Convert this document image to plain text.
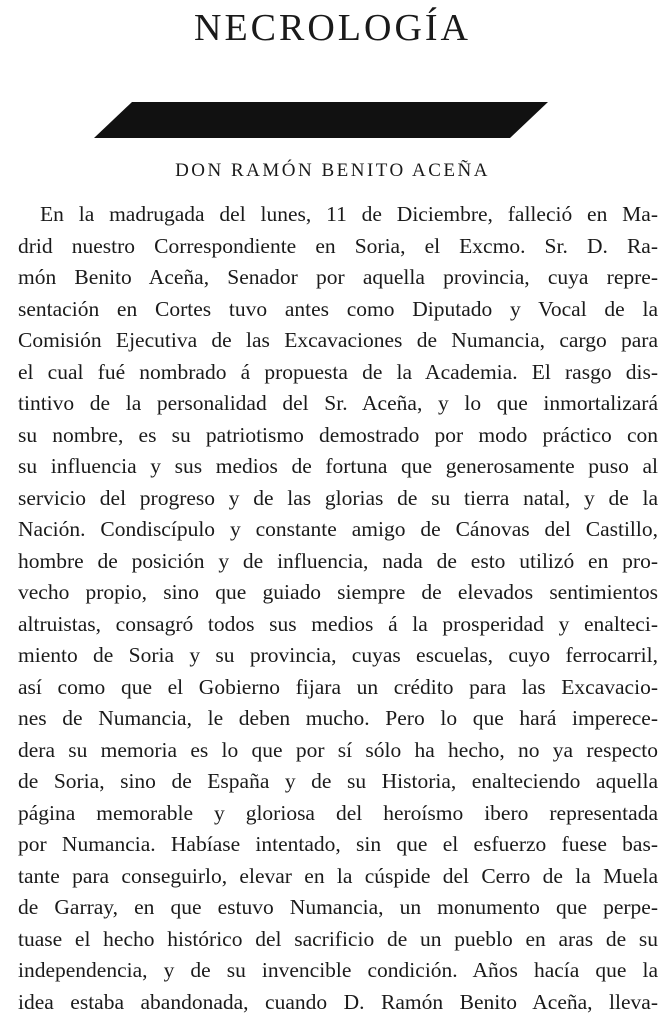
NECROLOGÍA
DON RAMÓN BENITO ACEÑA
En la madrugada del lunes, 11 de Diciembre, falleció en Ma-
drid nuestro Correspondiente en Soria, el Excmo. Sr. D. Ra-
món Benito Aceña, Senador por aquella provincia, cuya repre-
sentación en Cortes tuvo antes como Diputado y Vocal de la
Comisión Ejecutiva de las Excavaciones de Numancia, cargo para
el cual fué nombrado á propuesta de la Academia. El rasgo dis-
tintivo de la personalidad del Sr. Aceña, y lo que inmortalizará
su nombre, es su patriotismo demostrado por modo práctico con
su influencia y sus medios de fortuna que generosamente puso al
servicio del progreso y de las glorias de su tierra natal, y de la
Nación. Condiscípulo y constante amigo de Cánovas del Castillo,
hombre de posición y de influencia, nada de esto utilizó en pro-
vecho propio, sino que guiado siempre de elevados sentimientos
altruistas, consagró todos sus medios á la prosperidad y enalteci-
miento de Soria y su provincia, cuyas escuelas, cuyo ferrocarril,
así como que el Gobierno fijara un crédito para las Excavacio-
nes de Numancia, le deben mucho. Pero lo que hará imperece-
dera su memoria es lo que por sí sólo ha hecho, no ya respecto
de Soria, sino de España y de su Historia, enalteciendo aquella
página memorable y gloriosa del heroísmo ibero representada
por Numancia. Habíase intentado, sin que el esfuerzo fuese bas-
tante para conseguirlo, elevar en la cúspide del Cerro de la Muela
de Garray, en que estuvo Numancia, un monumento que perpe-
tuase el hecho histórico del sacrificio de un pueblo en aras de su
independencia, y de su invencible condición. Años hacía que la
idea estaba abandonada, cuando D. Ramón Benito Aceña, lleva-
